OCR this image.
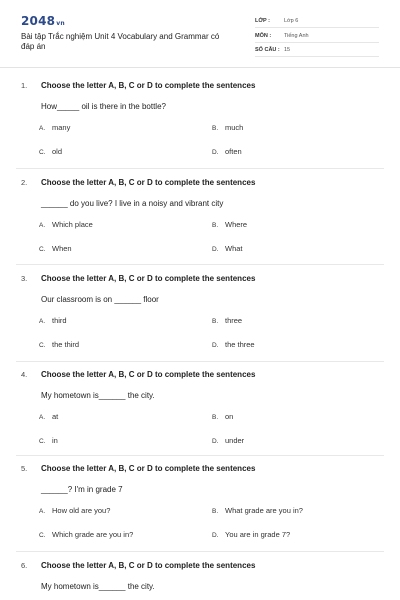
2048vn
Bài tập Trắc nghiệm Unit 4 Vocabulary and Grammar có đáp án
LỚP :	Lớp 6
MÔN : Tiếng Anh
SỐ CÂU : 15
1. Choose the letter A, B, C or D to complete the sentences
How_____ oil is there in the bottle?
A. many	B. much
C. old	D. often
2. Choose the letter A, B, C or D to complete the sentences
______ do you live? I live in a noisy and vibrant city
A. Which place	B. Where
C. When	D. What
3. Choose the letter A, B, C or D to complete the sentences
Our classroom is on ______ floor
A. third	B. three
C. the third	D. the three
4. Choose the letter A, B, C or D to complete the sentences
My hometown is______ the city.
A. at	B. on
C. in	D. under
5. Choose the letter A, B, C or D to complete the sentences
______? I'm in grade 7
A. How old are you?	B. What grade are you in?
C. Which grade are you in?	D. You are in grade 7?
6. Choose the letter A, B, C or D to complete the sentences
My hometown is______ the city.
